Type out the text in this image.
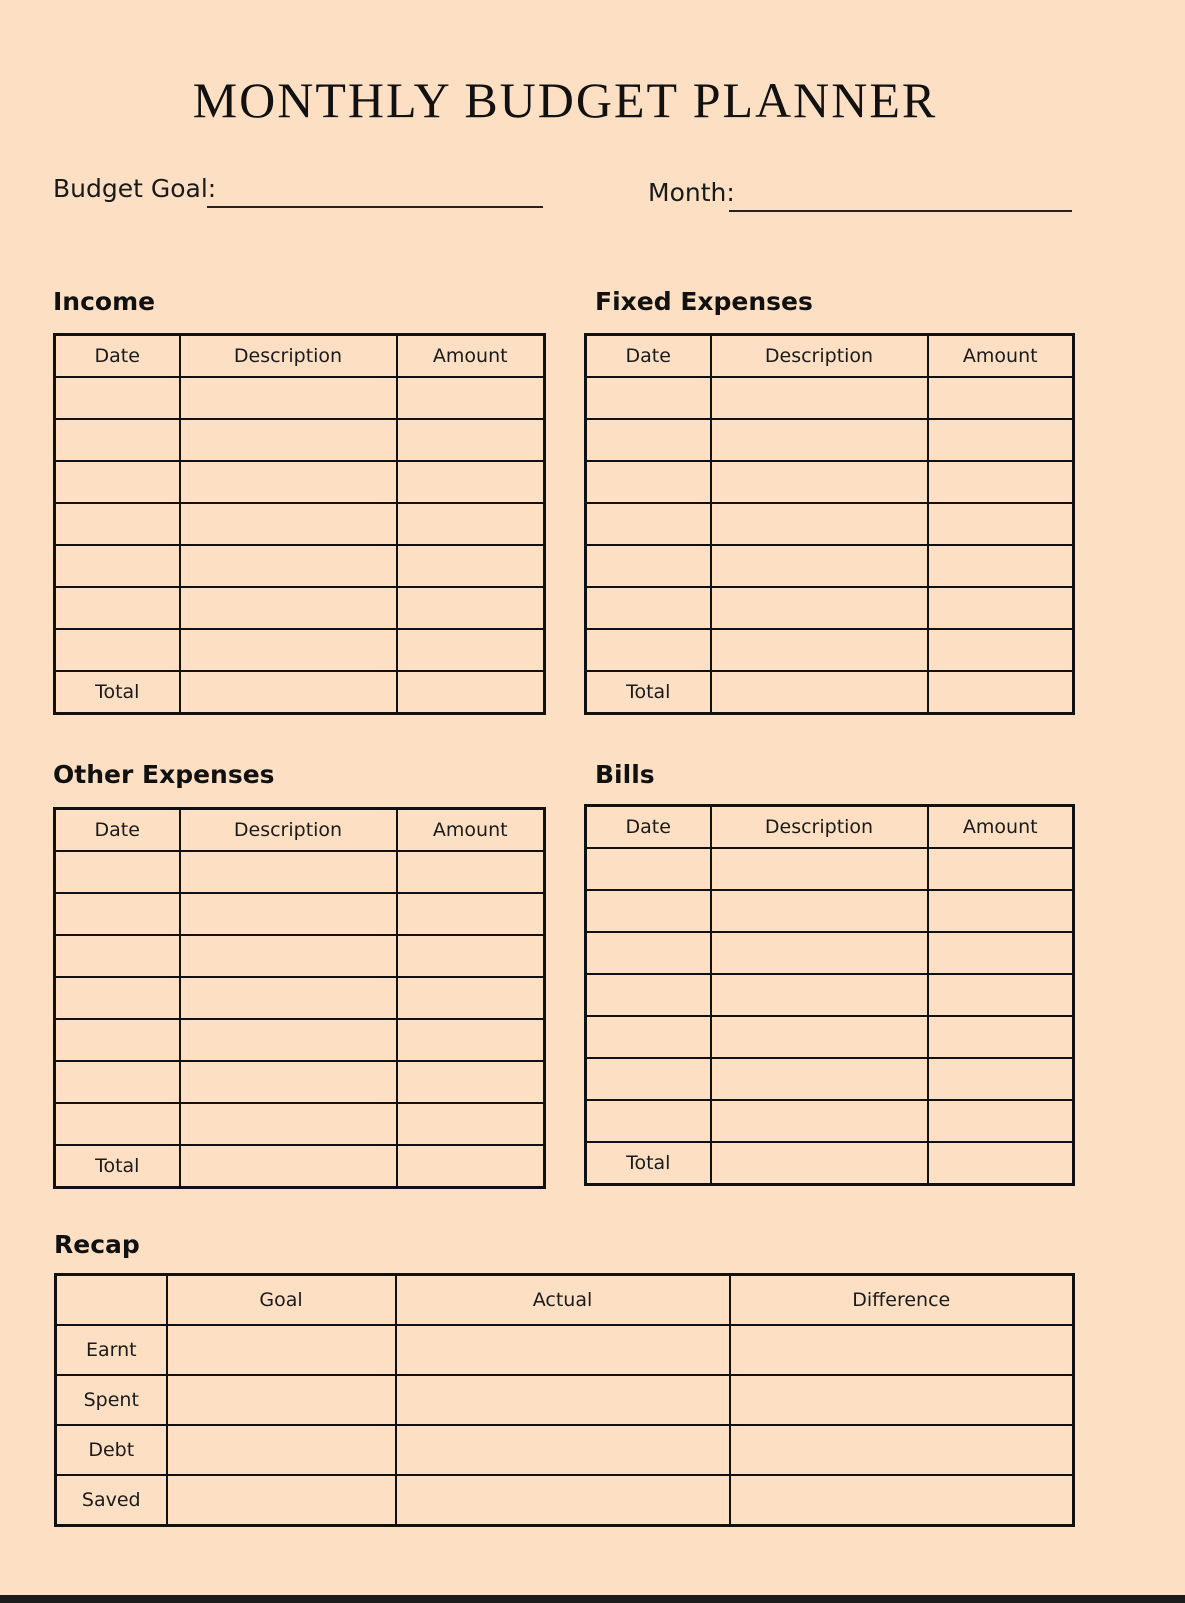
MONTHLY BUDGET PLANNER
Budget Goal:	Month:
Income	Fixed Expenses
Other Expenses	Bills
Recap
Date	Description	Amount

Total		
Date	Description	Amount

Total		
Date	Description	Amount

Total		
Date	Description	Amount

Total		
	Goal	Actual	Difference
Earnt			
Spent			
Debt			
Saved			
